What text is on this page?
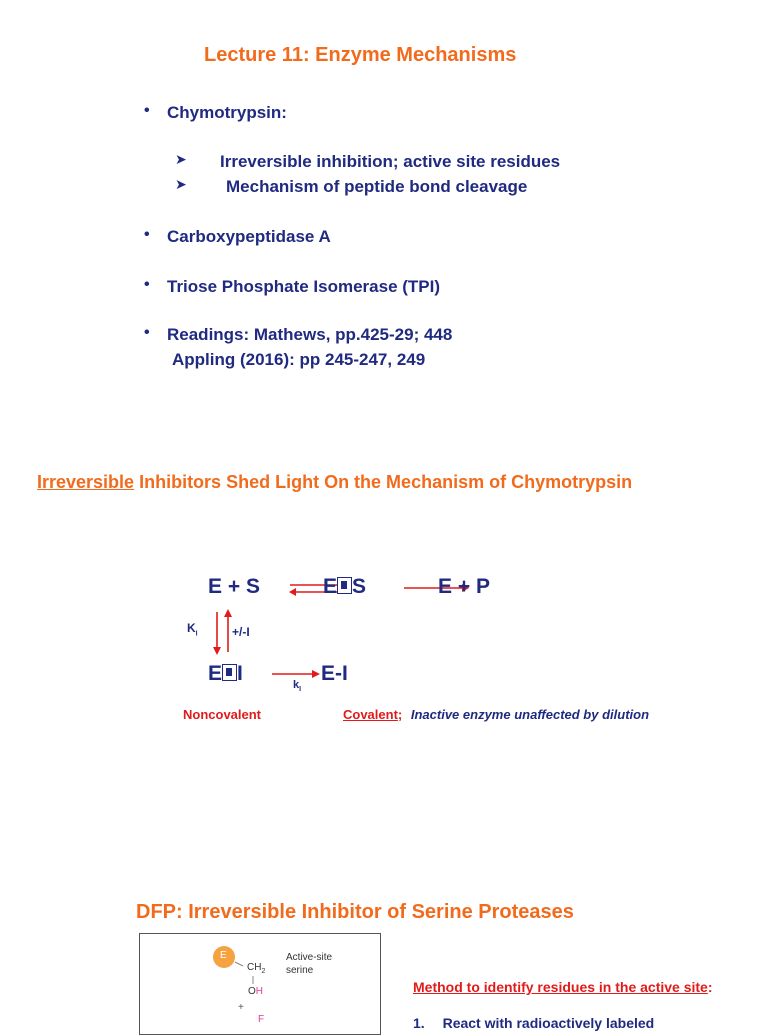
Lecture 11: Enzyme Mechanisms
• Chymotrypsin:
➤ Irreversible inhibition; active site residues
➤ Mechanism of peptide bond cleavage
• Carboxypeptidase A
• Triose Phosphate Isomerase (TPI)
• Readings: Mathews, pp.425-29; 448
Appling (2016): pp 245-247, 249
Irreversible Inhibitors Shed Light On the Mechanism of Chymotrypsin
E + S	E S	E + P
$K_I$	+/-I
E I	E-I
$k_I$
Noncovalent	Covalent; Inactive enzyme unaffected by dilution
DFP: Irreversible Inhibitor of Serine Proteases
E
$CH_2$
OH
+
F
Active-site
serine
Method to identify residues in the active site:
1. React with radioactively labeled
